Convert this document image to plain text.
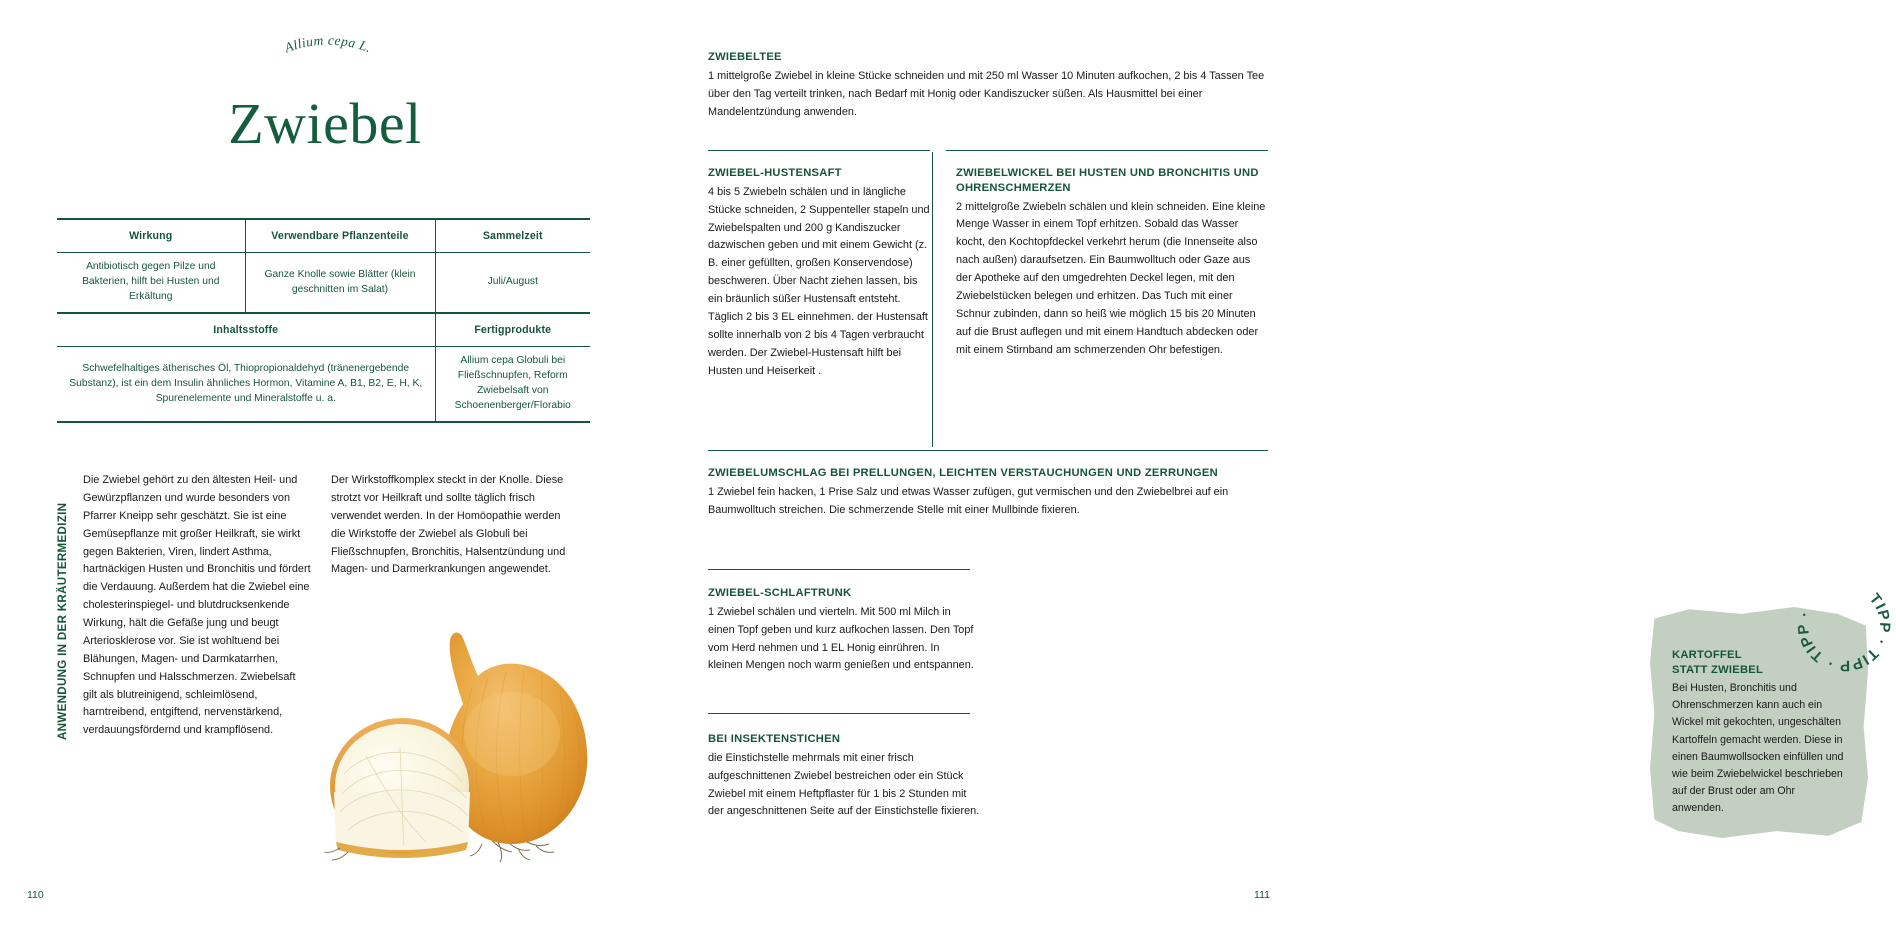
Allium cepa L.
Zwiebel
Wirkung	Verwendbare Pflanzenteile	Sammelzeit
Antibiotisch gegen Pilze und Bakterien, hilft bei Husten und Erkältung	Ganze Knolle sowie Blätter (klein geschnitten im Salat)	Juli/August
Inhaltsstoffe		Fertigprodukte
Schwefelhaltiges ätherisches Öl, Thiopropionaldehyd (tränenergebende Substanz), ist ein dem Insulin ähnliches Hormon, Vitamine A, B1, B2, E, H, K, Spurenelemente und Mineralstoffe u. a.		Allium cepa Globuli bei Fließschnupfen, Reform Zwiebelsaft von Schoenenberger/Florabio
ANWENDUNG IN DER KRÄUTERMEDIZIN
Die Zwiebel gehört zu den ältesten Heil- und Gewürzpflanzen und wurde besonders von Pfarrer Kneipp sehr geschätzt. Sie ist eine Gemüsepflanze mit großer Heilkraft, sie wirkt gegen Bakterien, Viren, lindert Asthma, hartnäckigen Husten und Bronchitis und fördert die Verdauung. Außerdem hat die Zwiebel eine cholesterinspiegel- und blutdrucksenkende Wirkung, hält die Gefäße jung und beugt Arteriosklerose vor. Sie ist wohltuend bei Blähungen, Magen- und Darmkatarrhen, Schnupfen und Halsschmerzen. Zwiebelsaft gilt als blutreinigend, schleimlösend, harntreibend, entgiftend, nervenstärkend, verdauungsfördernd und krampflösend.
Der Wirkstoffkomplex steckt in der Knolle. Diese strotzt vor Heilkraft und sollte täglich frisch verwendet werden. In der Homöopathie werden die Wirkstoffe der Zwiebel als Globuli bei Fließschnupfen, Bronchitis, Halsentzündung und Magen- und Darmerkrankungen angewendet.
110
ZWIEBELTEE

1 mittelgroße Zwiebel in kleine Stücke schneiden und mit 250 ml Wasser 10 Minuten aufkochen, 2 bis 4 Tassen Tee über den Tag verteilt trinken, nach Bedarf mit Honig oder Kandiszucker süßen. Als Hausmittel bei einer Mandelentzündung anwenden.

ZWIEBEL-HUSTENSAFT

4 bis 5 Zwiebeln schälen und in längliche Stücke schneiden, 2 Suppenteller stapeln und Zwiebelspalten und 200 g Kandiszucker dazwischen geben und mit einem Gewicht (z. B. einer gefüllten, großen Konservendose) beschweren. Über Nacht ziehen lassen, bis ein bräunlich süßer Hustensaft entsteht. Täglich 2 bis 3 EL einnehmen. der Hustensaft sollte innerhalb von 2 bis 4 Tagen verbraucht werden. Der Zwiebel-Hustensaft hilft bei Husten und Heiserkeit .

ZWIEBELWICKEL BEI HUSTEN UND BRONCHITIS UND OHRENSCHMERZEN

2 mittelgroße Zwiebeln schälen und klein schneiden. Eine kleine Menge Wasser in einem Topf erhitzen. Sobald das Wasser kocht, den Kochtopfdeckel verkehrt herum (die Innenseite also nach außen) daraufsetzen. Ein Baumwolltuch oder Gaze aus der Apotheke auf den umgedrehten Deckel legen, mit den Zwiebelstücken belegen und erhitzen. Das Tuch mit einer Schnur zubinden, dann so heiß wie möglich 15 bis 20 Minuten auf die Brust auflegen und mit einem Handtuch abdecken oder mit einem Stirnband am schmerzenden Ohr befestigen.

ZWIEBELUMSCHLAG BEI PRELLUNGEN, LEICHTEN VERSTAUCHUNGEN UND ZERRUNGEN

1 Zwiebel fein hacken, 1 Prise Salz und etwas Wasser zufügen, gut vermischen und den Zwiebelbrei auf ein Baumwolltuch streichen. Die schmerzende Stelle mit einer Mullbinde fixieren.

ZWIEBEL-SCHLAFTRUNK

1 Zwiebel schälen und vierteln. Mit 500 ml Milch in einen Topf geben und kurz aufkochen lassen. Den Topf vom Herd nehmen und 1 EL Honig einrühren. In kleinen Mengen noch warm genießen und entspannen.

BEI INSEKTENSTICHEN

die Einstichstelle mehrmals mit einer frisch aufgeschnittenen Zwiebel bestreichen oder ein Stück Zwiebel mit einem Heftpflaster für 1 bis 2 Stunden mit der angeschnittenen Seite auf der Einstichstelle fixieren.

KARTOFFEL
STATT ZWIEBEL

Bei Husten, Bronchitis und Ohrenschmerzen kann auch ein Wickel mit gekochten, ungeschälten Kartoffeln gemacht werden. Diese in einen Baumwollsocken einfüllen und wie beim Zwiebelwickel beschrieben auf der Brust oder am Ohr anwenden.

TIPP · TIPP · TIPP ·
111
